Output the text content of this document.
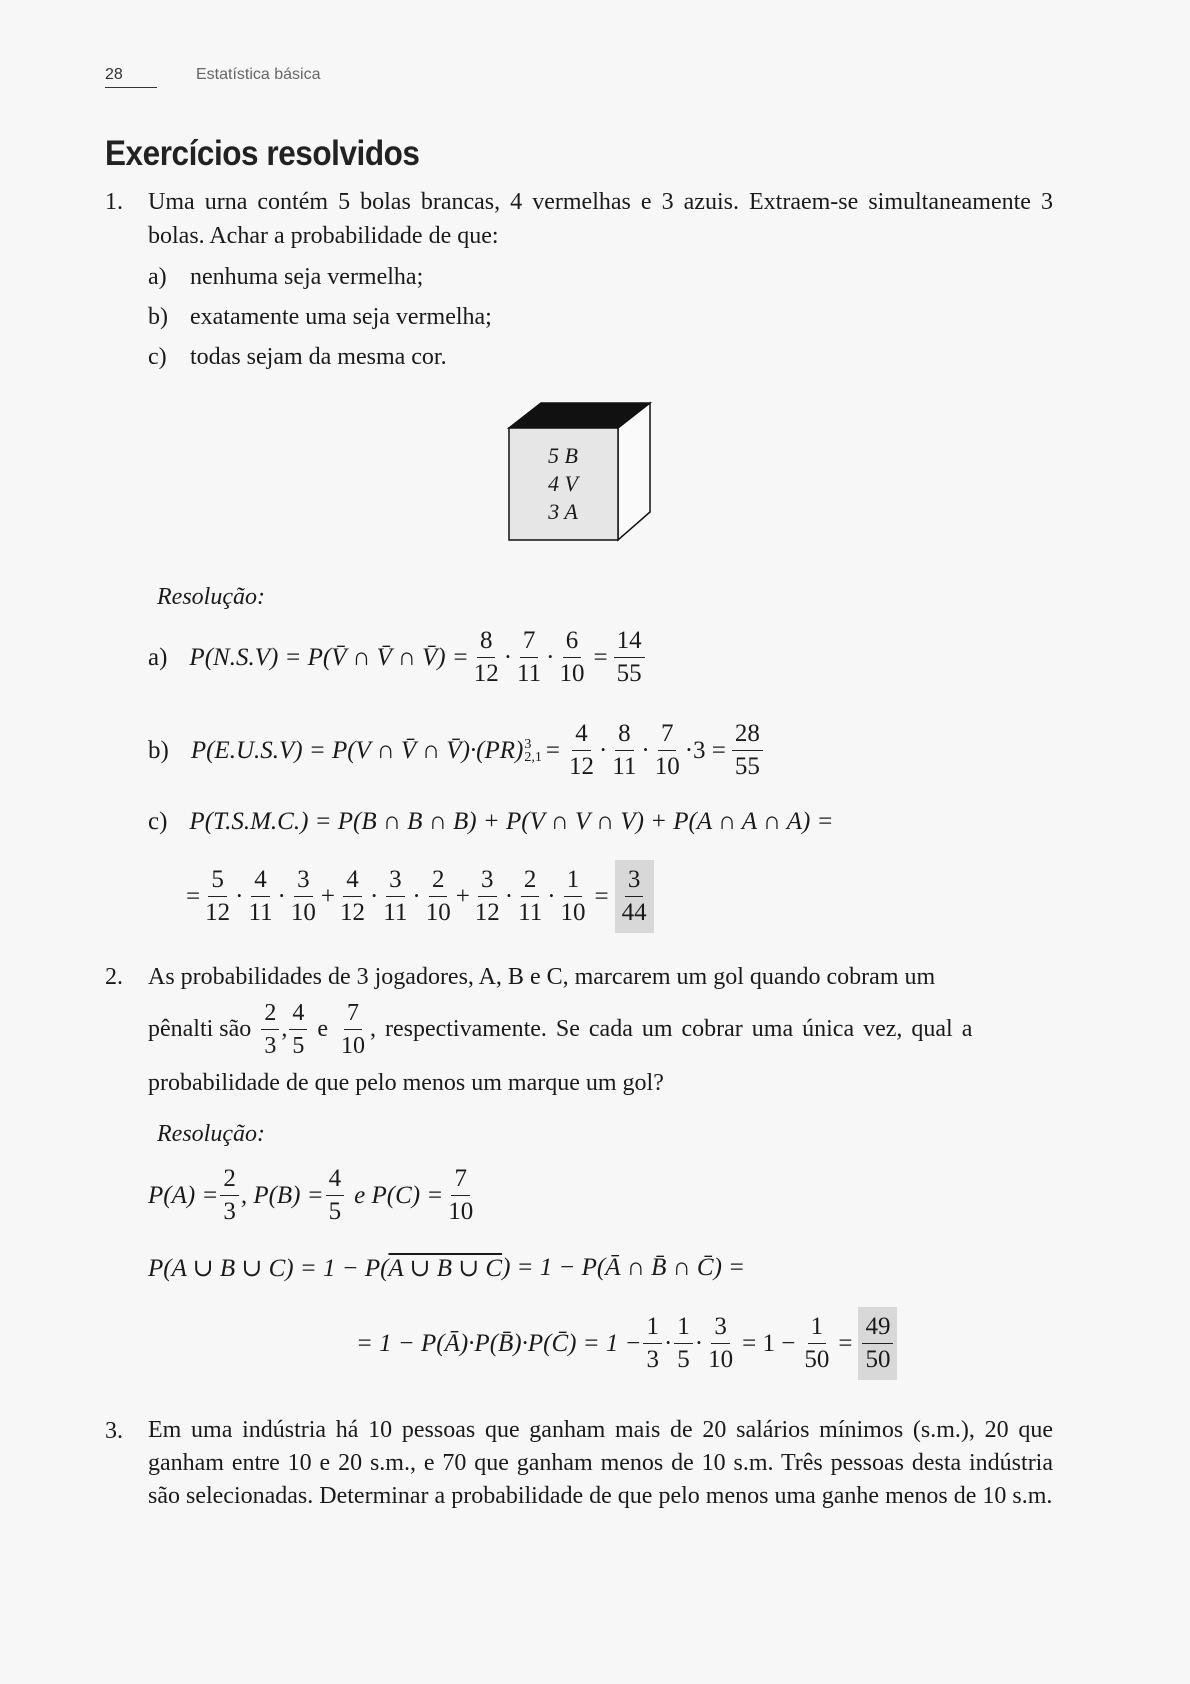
28	Estatística básica
Exercícios resolvidos
1. Uma urna contém 5 bolas brancas, 4 vermelhas e 3 azuis. Extraem-se simultaneamente 3 bolas. Achar a probabilidade de que:
a) nenhuma seja vermelha;
b) exatamente uma seja vermelha;
c) todas sejam da mesma cor.
5 B
4 V
3 A
Resolução:
a) P(N.S.V) = P(V̄ ∩ V̄ ∩ V̄) = $\frac{8}{12} \cdot \frac{7}{11} \cdot \frac{6}{10} = \frac{14}{55}$
b) P(E.U.S.V) = P(V ∩ V̄ ∩ V̄)·(PR) 3
$2,1 = \frac{4}{12} \cdot \frac{8}{11} \cdot \frac{7}{10} \cdot 3 = \frac{28}{55}$
c) P(T.S.M.C.) = P(B ∩ B ∩ B) + P(V ∩ V ∩ V) + P(A ∩ A ∩ A) =
= $\frac{5}{12} \cdot \frac{4}{11} \cdot \frac{3}{10} + \frac{4}{12} \cdot \frac{3}{11} \cdot \frac{2}{10} + \frac{3}{12} \cdot \frac{2}{11} \cdot \frac{1}{10} = \frac{3}{44}$
2. As probabilidades de 3 jogadores, A, B e C, marcarem um gol quando cobram um
pênalti são $\frac{2}{3}$ , $\frac{4}{5}$ e $\frac{7}{10}$ , respectivamente. Se cada um cobrar uma única vez, qual a
probabilidade de que pelo menos um marque um gol?
Resolução:
$P(A) = \frac{2}{3}$ , $P(B) = \frac{4}{5}$ e $P(C) = \frac{7}{10}$
P(A ∪ B ∪ C) = 1 − P( A ∪ B ∪ C ) = 1 − P(Ā ∩ B̄ ∩ C̄) =
= 1 − P(Ā)·P(B̄)·P(C̄) = $1 - \frac{1}{3} \cdot \frac{1}{5} \cdot \frac{3}{10} = 1 - \frac{1}{50} = \frac{49}{50}$
3. Em uma indústria há 10 pessoas que ganham mais de 20 salários mínimos (s.m.), 20 que ganham entre 10 e 20 s.m., e 70 que ganham menos de 10 s.m. Três pessoas desta indústria são selecionadas. Determinar a probabilidade de que pelo menos uma ganhe menos de 10 s.m.
